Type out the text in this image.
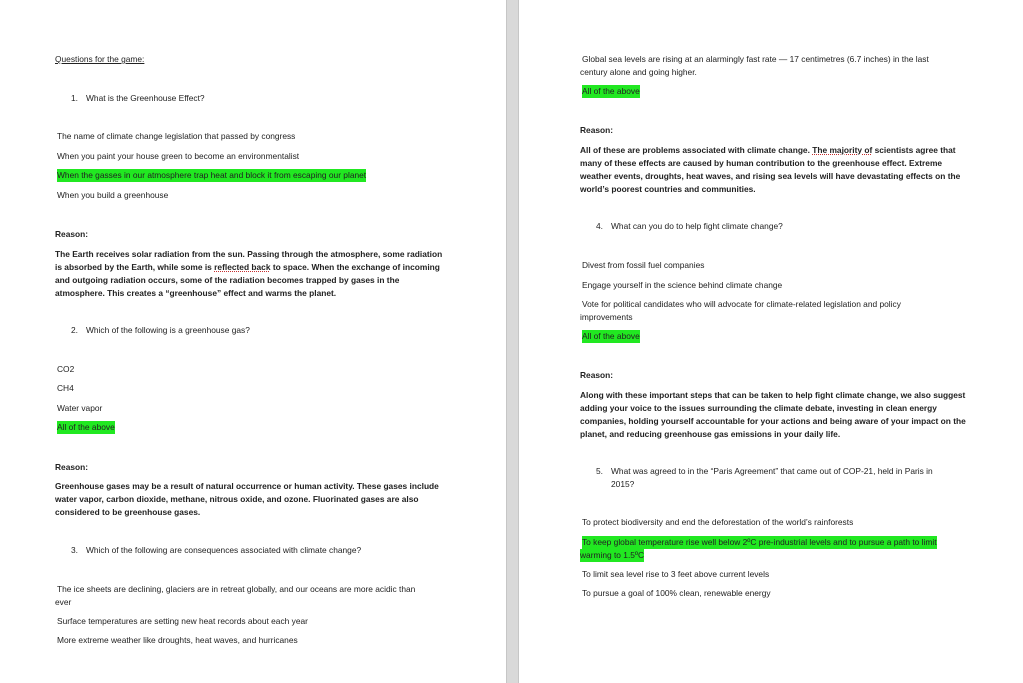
Questions for the game:
1. What is the Greenhouse Effect?
The name of climate change legislation that passed by congress
When you paint your house green to become an environmentalist
When the gasses in our atmosphere trap heat and block it from escaping our planet
When you build a greenhouse
Reason:
The Earth receives solar radiation from the sun. Passing through the atmosphere, some radiation
is absorbed by the Earth, while some is reflected back to space. When the exchange of incoming
and outgoing radiation occurs, some of the radiation becomes trapped by gases in the
atmosphere. This creates a “greenhouse” effect and warms the planet.
2. Which of the following is a greenhouse gas?
CO2
CH4
Water vapor
All of the above
Reason:
Greenhouse gases may be a result of natural occurrence or human activity. These gases include
water vapor, carbon dioxide, methane, nitrous oxide, and ozone. Fluorinated gases are also
considered to be greenhouse gases.
3. Which of the following are consequences associated with climate change?
The ice sheets are declining, glaciers are in retreat globally, and our oceans are more acidic than
ever
Surface temperatures are setting new heat records about each year
More extreme weather like droughts, heat waves, and hurricanes
Global sea levels are rising at an alarmingly fast rate — 17 centimetres (6.7 inches) in the last
century alone and going higher.
All of the above
Reason:
All of these are problems associated with climate change. The majority of scientists agree that
many of these effects are caused by human contribution to the greenhouse effect. Extreme
weather events, droughts, heat waves, and rising sea levels will have devastating effects on the
world’s poorest countries and communities.
4. What can you do to help fight climate change?
Divest from fossil fuel companies
Engage yourself in the science behind climate change
Vote for political candidates who will advocate for climate-related legislation and policy
improvements
All of the above
Reason:
Along with these important steps that can be taken to help fight climate change, we also suggest
adding your voice to the issues surrounding the climate debate, investing in clean energy
companies, holding yourself accountable for your actions and being aware of your impact on the
planet, and reducing greenhouse gas emissions in your daily life.
5. What was agreed to in the “Paris Agreement” that came out of COP-21, held in Paris in
2015?
To protect biodiversity and end the deforestation of the world’s rainforests
To keep global temperature rise well below 2ºC pre-industrial levels and to pursue a path to limit
warming to 1.5ºC
To limit sea level rise to 3 feet above current levels
To pursue a goal of 100% clean, renewable energy
